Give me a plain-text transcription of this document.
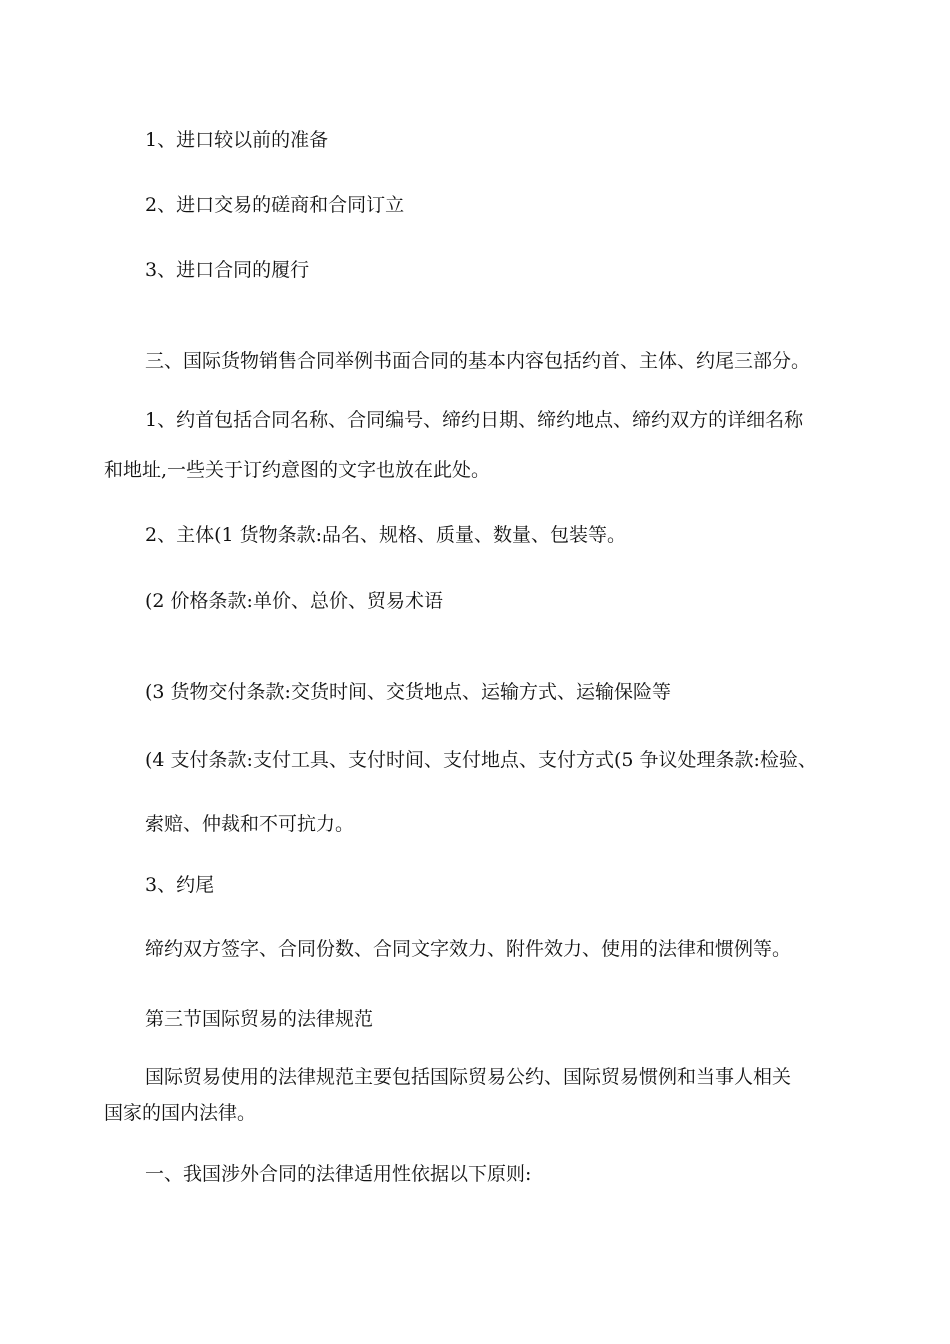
1、进口较以前的准备

2、进口交易的磋商和合同订立

3、进口合同的履行

三、国际货物销售合同举例书面合同的基本内容包括约首、主体、约尾三部分。

1、约首包括合同名称、合同编号、缔约日期、缔约地点、缔约双方的详细名称

和地址,一些关于订约意图的文字也放在此处。

2、主体(1 货物条款:品名、规格、质量、数量、包装等。

(2 价格条款:单价、总价、贸易术语

(3 货物交付条款:交货时间、交货地点、运输方式、运输保险等

(4 支付条款:支付工具、支付时间、支付地点、支付方式(5 争议处理条款:检验、

索赔、仲裁和不可抗力。

3、约尾

缔约双方签字、合同份数、合同文字效力、附件效力、使用的法律和惯例等。

第三节国际贸易的法律规范

国际贸易使用的法律规范主要包括国际贸易公约、国际贸易惯例和当事人相关

国家的国内法律。

一、我国涉外合同的法律适用性依据以下原则:
